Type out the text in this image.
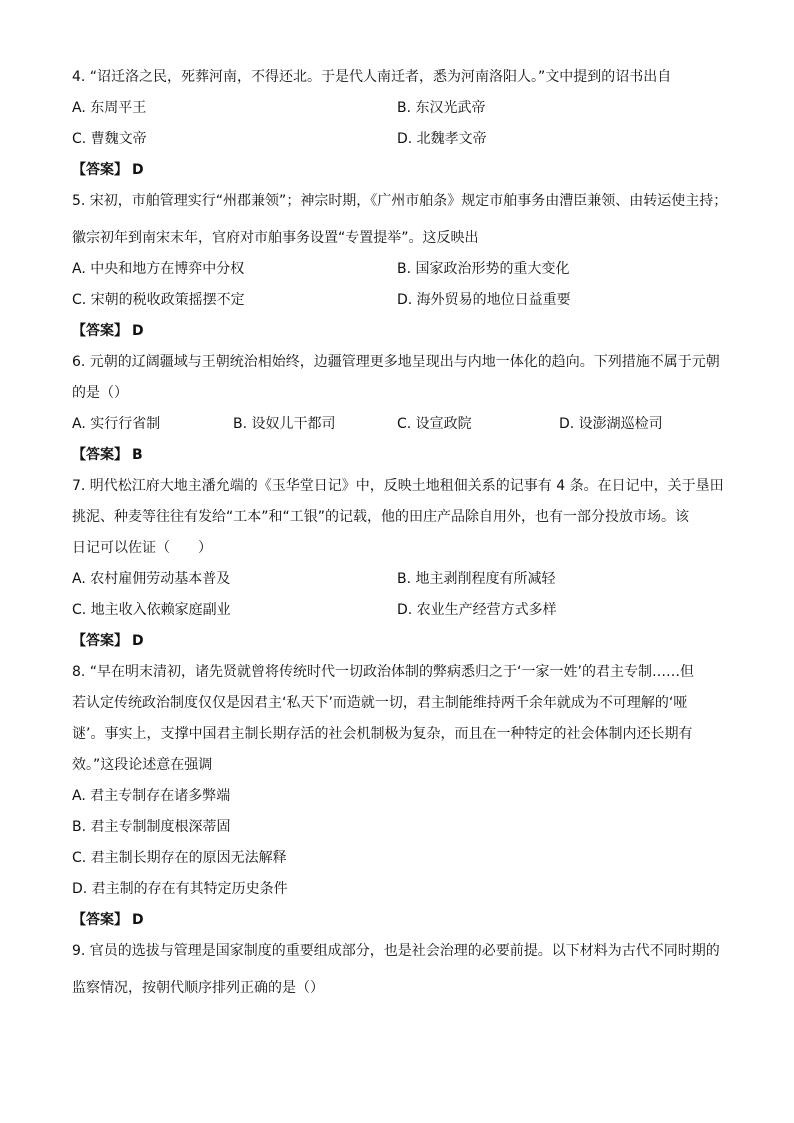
4. “诏迁洛之民，死葬河南，不得还北。于是代人南迁者，悉为河南洛阳人。”文中提到的诏书出自
A. 东周平王	B. 东汉光武帝
C. 曹魏文帝	D. 北魏孝文帝
【答案】 D
5. 宋初，市舶管理实行“州郡兼领”；神宗时期，《广州市舶条》规定市舶事务由漕臣兼领、由转运使主持；
徽宗初年到南宋末年，官府对市舶事务设置“专置提举”。这反映出
A. 中央和地方在博弈中分权	B. 国家政治形势的重大变化
C. 宋朝的税收政策摇摆不定	D. 海外贸易的地位日益重要
【答案】 D
6. 元朝的辽阔疆域与王朝统治相始终，边疆管理更多地呈现出与内地一体化的趋向。下列措施不属于元朝
的是（）
A. 实行行省制	B. 设奴儿干都司	C. 设宣政院	D. 设澎湖巡检司
【答案】 B
7. 明代松江府大地主潘允端的《玉华堂日记》中，反映土地租佃关系的记事有 4 条。在日记中，关于垦田
挑泥、种麦等往往有发给“工本”和“工银”的记载，他的田庄产品除自用外，也有一部分投放市场。该
日记可以佐证（　　）
A. 农村雇佣劳动基本普及	B. 地主剥削程度有所减轻
C. 地主收入依赖家庭副业	D. 农业生产经营方式多样
【答案】 D
8. “早在明末清初，诸先贤就曾将传统时代一切政治体制的弊病悉归之于‘一家一姓’的君主专制……但
若认定传统政治制度仅仅是因君主‘私天下’而造就一切，君主制能维持两千余年就成为不可理解的‘哑
谜’。事实上，支撑中国君主制长期存活的社会机制极为复杂，而且在一种特定的社会体制内还长期有
效。”这段论述意在强调
A. 君主专制存在诸多弊端
B. 君主专制制度根深蒂固
C. 君主制长期存在的原因无法解释
D. 君主制的存在有其特定历史条件
【答案】 D
9. 官员的选拔与管理是国家制度的重要组成部分，也是社会治理的必要前提。以下材料为古代不同时期的
监察情况，按朝代顺序排列正确的是（）
